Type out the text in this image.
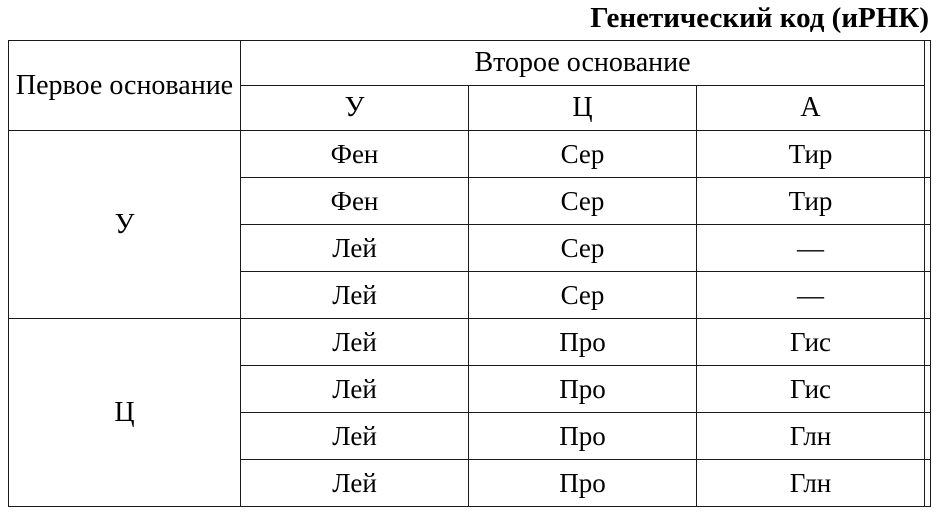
Генетический код (иРНК)
Первое основание	Второе основание			
	У	Ц	А	
У	Фен	Сер	Тир	
	Фен	Сер	Тир	
	Лей	Сер	—	
	Лей	Сер	—	
Ц	Лей	Про	Гис	
	Лей	Про	Гис	
	Лей	Про	Глн	
	Лей	Про	Глн	
